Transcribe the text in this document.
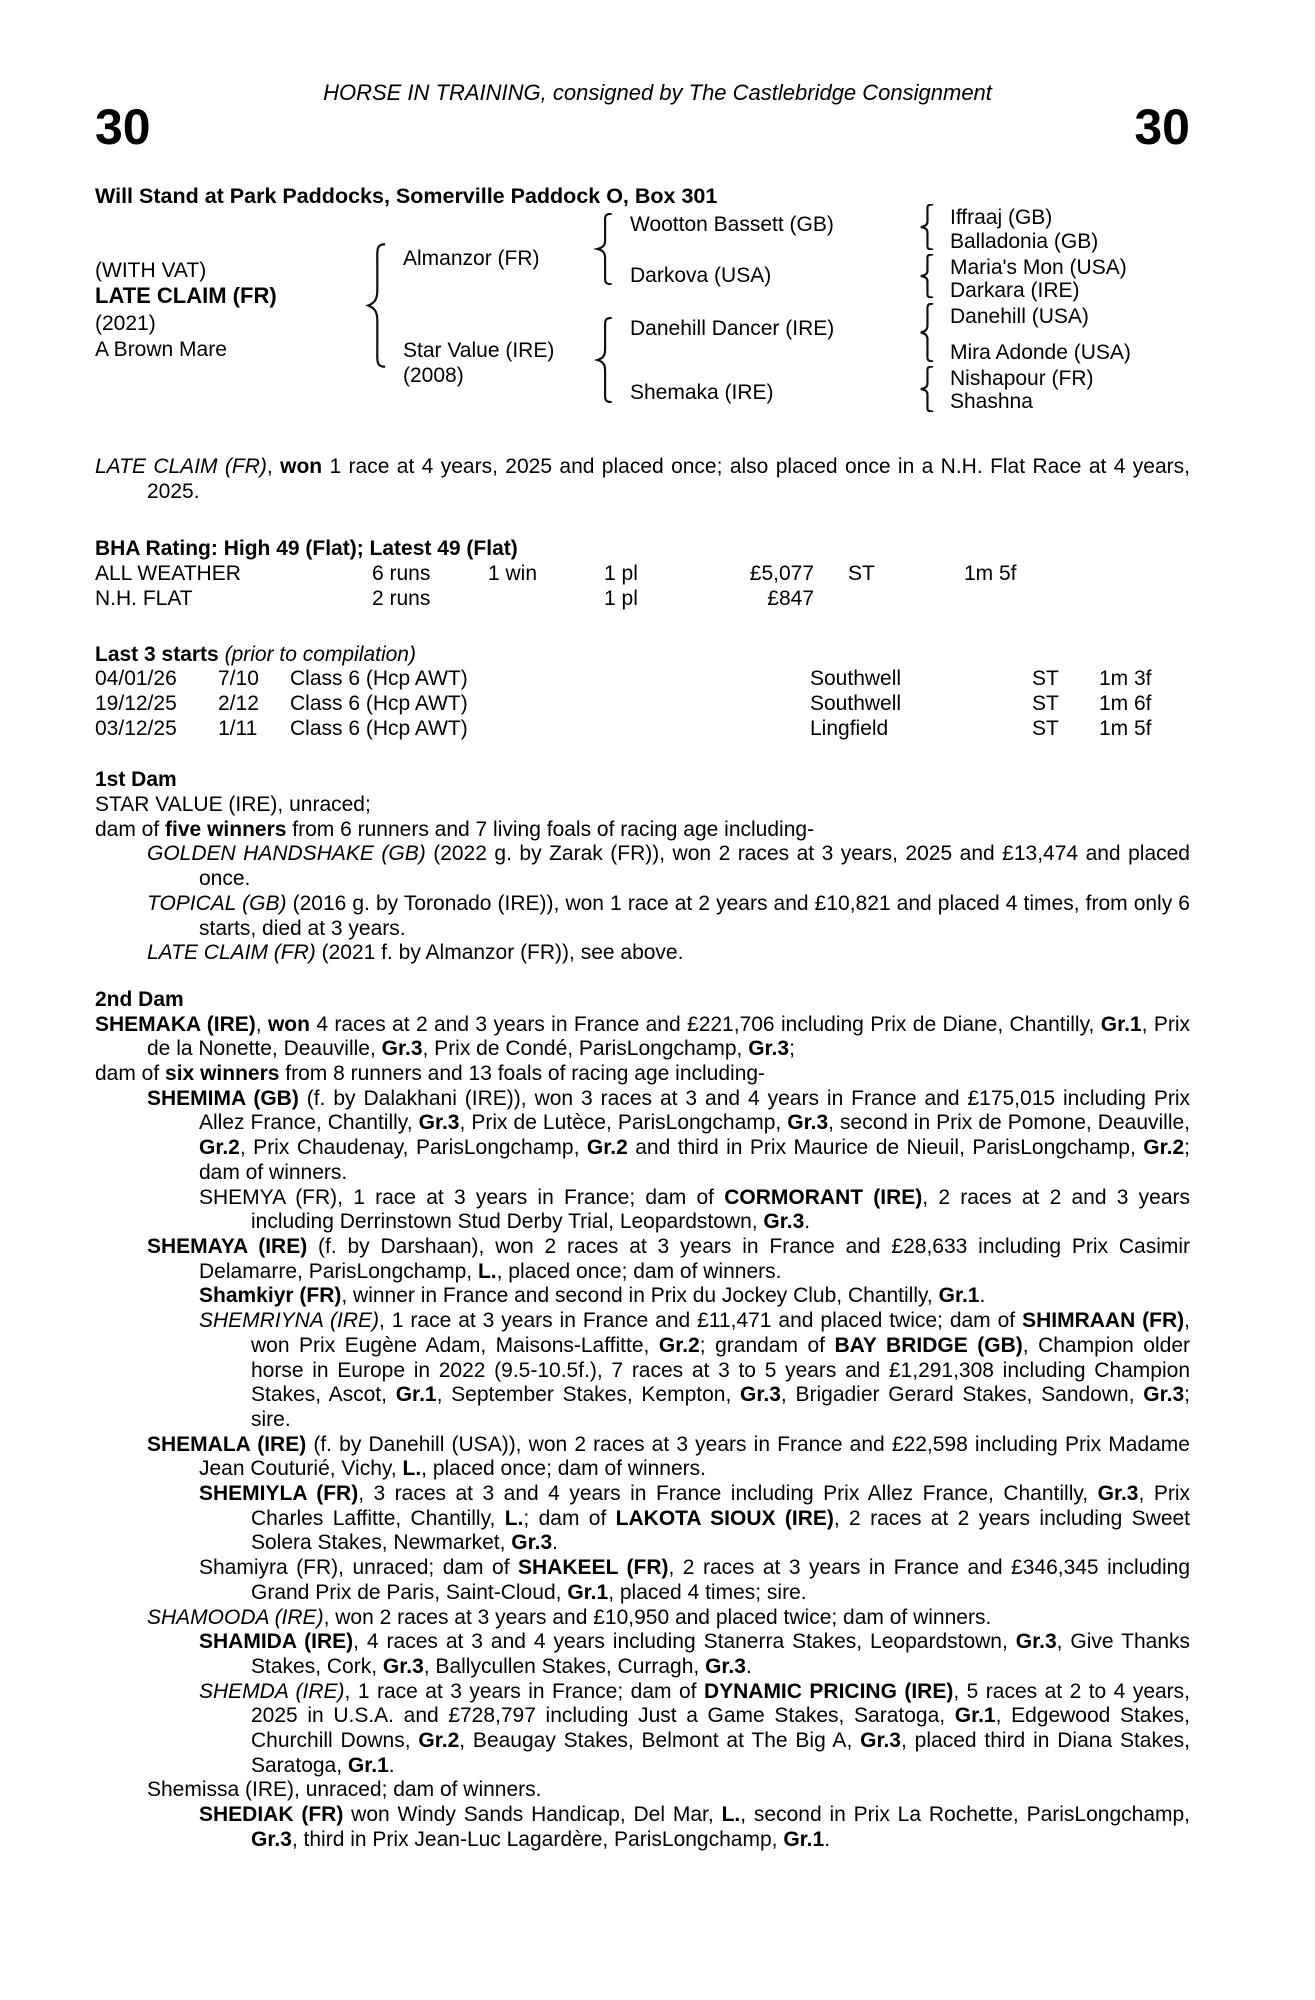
HORSE IN TRAINING, consigned by The Castlebridge Consignment
30	30
Will Stand at Park Paddocks, Somerville Paddock O, Box 301
(WITH VAT)
LATE CLAIM (FR)
(2021)
A Brown Mare
Almanzor (FR)
Star Value (IRE)
(2008)
Wootton Bassett (GB)
Darkova (USA)
Danehill Dancer (IRE)
Shemaka (IRE)
Iffraaj (GB)
Balladonia (GB)
Maria's Mon (USA)
Darkara (IRE)
Danehill (USA)
Mira Adonde (USA)
Nishapour (FR)
Shashna
LATE CLAIM (FR), won 1 race at 4 years, 2025 and placed once; also placed once in a N.H. Flat Race at 4 years, 2025.
BHA Rating: High 49 (Flat); Latest 49 (Flat)
ALL WEATHER	6 runs	1 win	1 pl	£5,077	ST	1m 5f
N.H. FLAT	2 runs	1 pl	£847
Last 3 starts (prior to compilation)
04/01/26	7/10	Class 6 (Hcp AWT)	Southwell	ST	1m 3f
19/12/25	2/12	Class 6 (Hcp AWT)	Southwell	ST	1m 6f
03/12/25	1/11	Class 6 (Hcp AWT)	Lingfield	ST	1m 5f
1st Dam
STAR VALUE (IRE), unraced;
dam of five winners from 6 runners and 7 living foals of racing age including-
GOLDEN HANDSHAKE (GB) (2022 g. by Zarak (FR)), won 2 races at 3 years, 2025 and £13,474 and placed once.
TOPICAL (GB) (2016 g. by Toronado (IRE)), won 1 race at 2 years and £10,821 and placed 4 times, from only 6 starts, died at 3 years.
LATE CLAIM (FR) (2021 f. by Almanzor (FR)), see above.
2nd Dam
SHEMAKA (IRE), won 4 races at 2 and 3 years in France and £221,706 including Prix de Diane, Chantilly, Gr.1, Prix de la Nonette, Deauville, Gr.3, Prix de Condé, ParisLongchamp, Gr.3;
dam of six winners from 8 runners and 13 foals of racing age including-
SHEMIMA (GB) (f. by Dalakhani (IRE)), won 3 races at 3 and 4 years in France and £175,015 including Prix Allez France, Chantilly, Gr.3, Prix de Lutèce, ParisLongchamp, Gr.3, second in Prix de Pomone, Deauville, Gr.2, Prix Chaudenay, ParisLongchamp, Gr.2 and third in Prix Maurice de Nieuil, ParisLongchamp, Gr.2; dam of winners.
SHEMYA (FR), 1 race at 3 years in France; dam of CORMORANT (IRE), 2 races at 2 and 3 years including Derrinstown Stud Derby Trial, Leopardstown, Gr.3.
SHEMAYA (IRE) (f. by Darshaan), won 2 races at 3 years in France and £28,633 including Prix Casimir Delamarre, ParisLongchamp, L., placed once; dam of winners.
Shamkiyr (FR), winner in France and second in Prix du Jockey Club, Chantilly, Gr.1.
SHEMRIYNA (IRE), 1 race at 3 years in France and £11,471 and placed twice; dam of SHIMRAAN (FR), won Prix Eugène Adam, Maisons-Laffitte, Gr.2; grandam of BAY BRIDGE (GB), Champion older horse in Europe in 2022 (9.5-10.5f.), 7 races at 3 to 5 years and £1,291,308 including Champion Stakes, Ascot, Gr.1, September Stakes, Kempton, Gr.3, Brigadier Gerard Stakes, Sandown, Gr.3; sire.
SHEMALA (IRE) (f. by Danehill (USA)), won 2 races at 3 years in France and £22,598 including Prix Madame Jean Couturié, Vichy, L., placed once; dam of winners.
SHEMIYLA (FR), 3 races at 3 and 4 years in France including Prix Allez France, Chantilly, Gr.3, Prix Charles Laffitte, Chantilly, L.; dam of LAKOTA SIOUX (IRE), 2 races at 2 years including Sweet Solera Stakes, Newmarket, Gr.3.
Shamiyra (FR), unraced; dam of SHAKEEL (FR), 2 races at 3 years in France and £346,345 including Grand Prix de Paris, Saint-Cloud, Gr.1, placed 4 times; sire.
SHAMOODA (IRE), won 2 races at 3 years and £10,950 and placed twice; dam of winners.
SHAMIDA (IRE), 4 races at 3 and 4 years including Stanerra Stakes, Leopardstown, Gr.3, Give Thanks Stakes, Cork, Gr.3, Ballycullen Stakes, Curragh, Gr.3.
SHEMDA (IRE), 1 race at 3 years in France; dam of DYNAMIC PRICING (IRE), 5 races at 2 to 4 years, 2025 in U.S.A. and £728,797 including Just a Game Stakes, Saratoga, Gr.1, Edgewood Stakes, Churchill Downs, Gr.2, Beaugay Stakes, Belmont at The Big A, Gr.3, placed third in Diana Stakes, Saratoga, Gr.1.
Shemissa (IRE), unraced; dam of winners.
SHEDIAK (FR) won Windy Sands Handicap, Del Mar, L., second in Prix La Rochette, ParisLongchamp, Gr.3, third in Prix Jean-Luc Lagardère, ParisLongchamp, Gr.1.
